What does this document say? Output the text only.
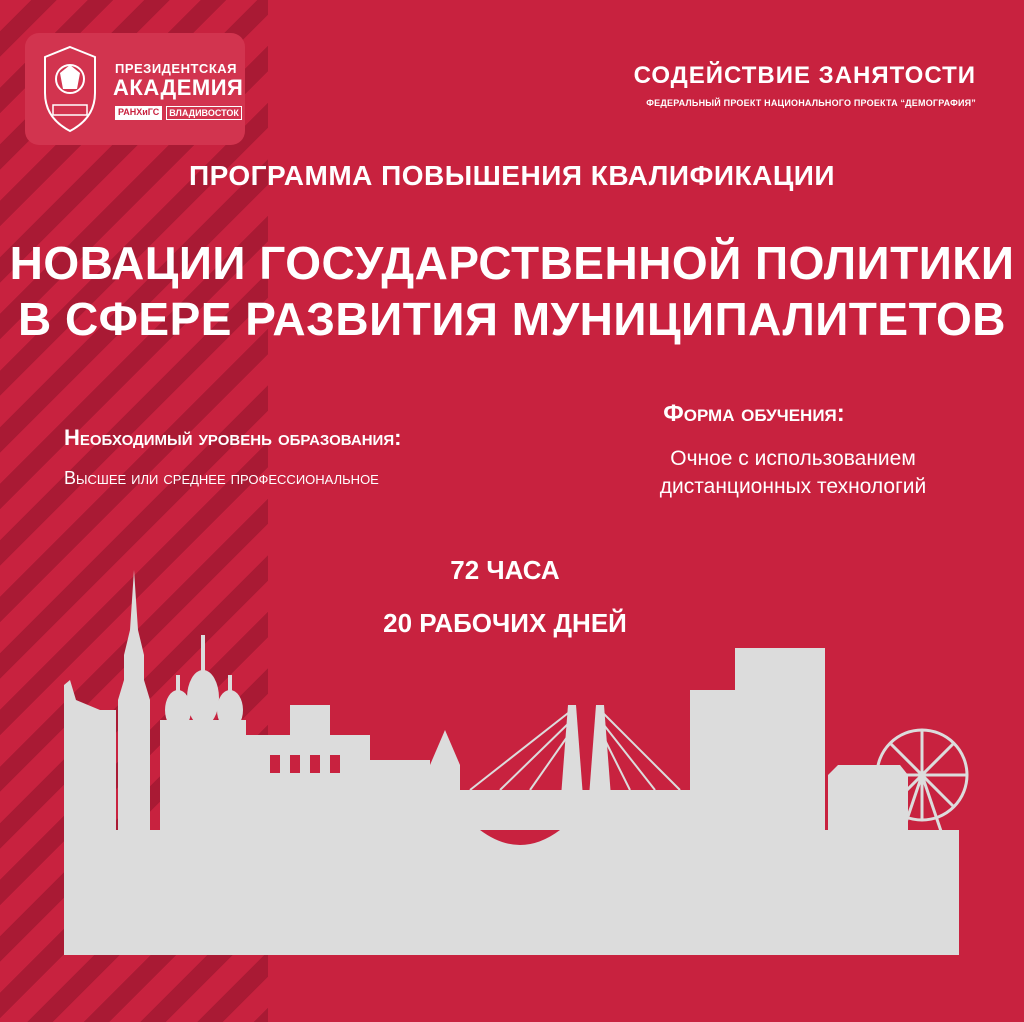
ПРЕЗИДЕНТСКАЯ
АКАДЕМИЯ
РАНХиГС	ВЛАДИВОСТОК
СОДЕЙСТВИЕ ЗАНЯТОСТИ
ФЕДЕРАЛЬНЫЙ ПРОЕКТ НАЦИОНАЛЬНОГО ПРОЕКТА “ДЕМОГРАФИЯ”
ПРОГРАММА ПОВЫШЕНИЯ КВАЛИФИКАЦИИ
НОВАЦИИ ГОСУДАРСТВЕННОЙ ПОЛИТИКИ
В СФЕРЕ РАЗВИТИЯ МУНИЦИПАЛИТЕТОВ
Необходимый уровень образования:
Высшее или среднее профессиональное
Форма обучения:
Очное с использованием
дистанционных технологий
72 ЧАСА
20 РАБОЧИХ ДНЕЙ
